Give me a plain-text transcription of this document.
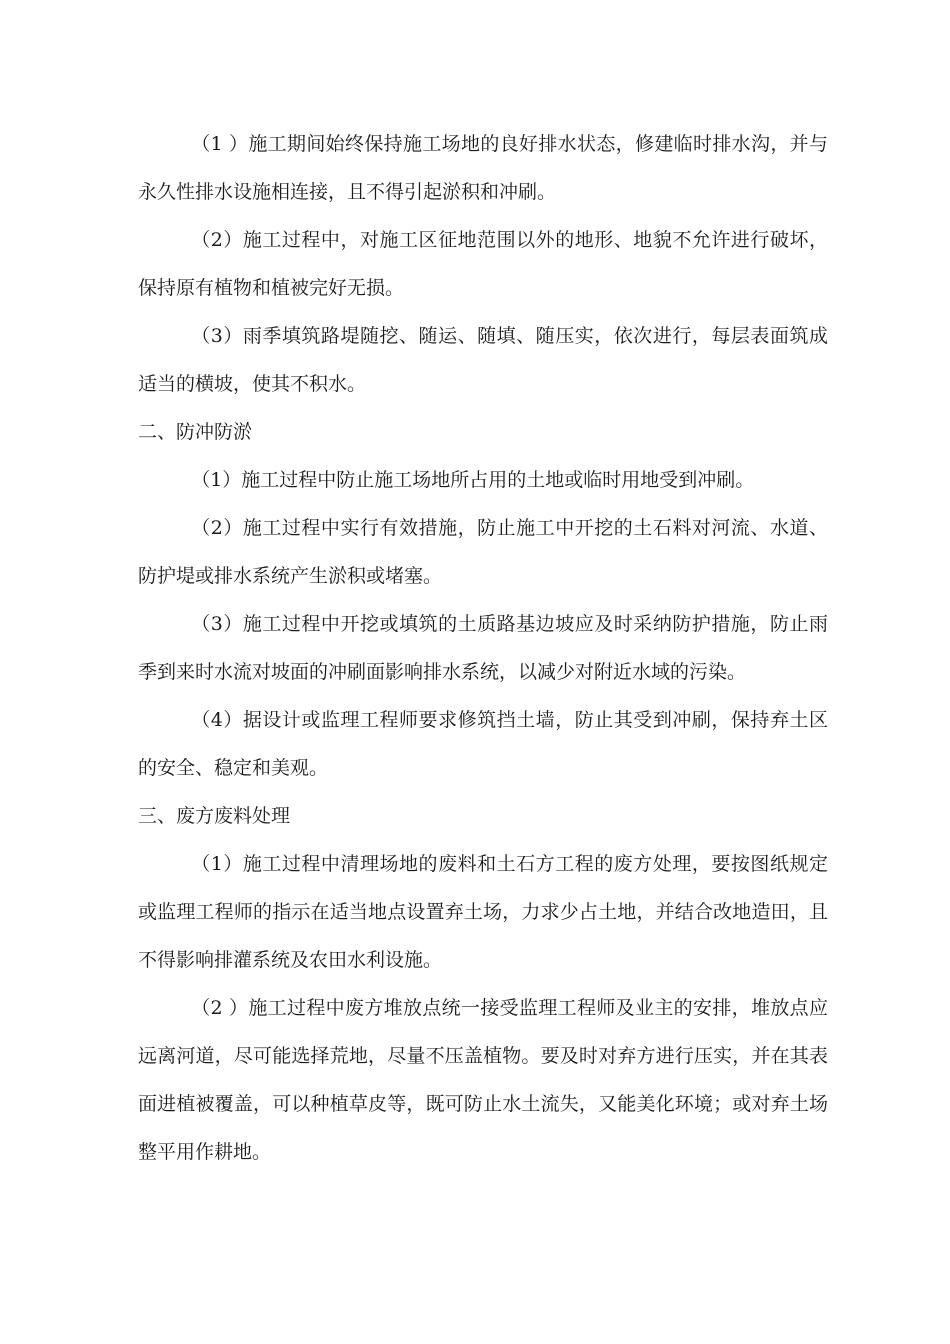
（1 ）施工期间始终保持施工场地的良好排水状态，修建临时排水沟，并与永久性排水设施相连接，且不得引起淤积和冲刷。

（2）施工过程中，对施工区征地范围以外的地形、地貌不允许进行破坏，保持原有植物和植被完好无损。

（3）雨季填筑路堤随挖、随运、随填、随压实，依次进行，每层表面筑成适当的横坡，使其不积水。

二、防冲防淤

（1）施工过程中防止施工场地所占用的土地或临时用地受到冲刷。

（2）施工过程中实行有效措施，防止施工中开挖的土石料对河流、水道、防护堤或排水系统产生淤积或堵塞。

（3）施工过程中开挖或填筑的土质路基边坡应及时采纳防护措施，防止雨季到来时水流对坡面的冲刷面影响排水系统，以减少对附近水域的污染。

（4）据设计或监理工程师要求修筑挡土墙，防止其受到冲刷，保持弃土区的安全、稳定和美观。

三、废方废料处理

（1）施工过程中清理场地的废料和土石方工程的废方处理，要按图纸规定或监理工程师的指示在适当地点设置弃土场，力求少占土地，并结合改地造田，且不得影响排灌系统及农田水利设施。

（2 ）施工过程中废方堆放点统一接受监理工程师及业主的安排，堆放点应远离河道，尽可能选择荒地，尽量不压盖植物。要及时对弃方进行压实，并在其表面进植被覆盖，可以种植草皮等，既可防止水土流失，又能美化环境；或对弃土场整平用作耕地。
